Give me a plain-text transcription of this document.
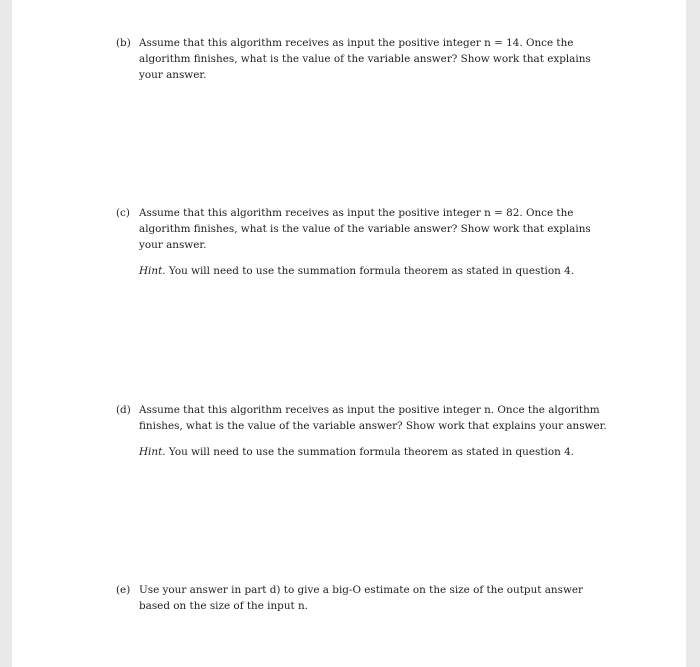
(b) Assume that this algorithm receives as input the positive integer n = 14. Once the
algorithm finishes, what is the value of the variable answer? Show work that explains
your answer.
(c) Assume that this algorithm receives as input the positive integer n = 82. Once the
algorithm finishes, what is the value of the variable answer? Show work that explains
your answer.
Hint. You will need to use the summation formula theorem as stated in question 4.
(d) Assume that this algorithm receives as input the positive integer n. Once the algorithm
finishes, what is the value of the variable answer? Show work that explains your answer.
Hint. You will need to use the summation formula theorem as stated in question 4.
(e) Use your answer in part d) to give a big-O estimate on the size of the output answer
based on the size of the input n.
